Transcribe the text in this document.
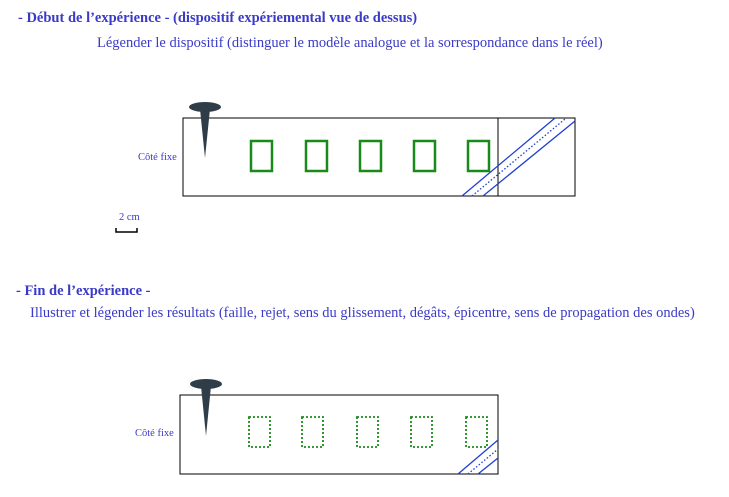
- Début de l’expérience - (dispositif expériemental vue de dessus)
Légender le dispositif (distinguer le modèle analogue et la sorrespondance dans le réel)
Côté fixe
2 cm
- Fin de l’expérience -
Illustrer et légender les résultats (faille, rejet, sens du glissement, dégâts, épicentre, sens de propagation des ondes)
Côté fixe
